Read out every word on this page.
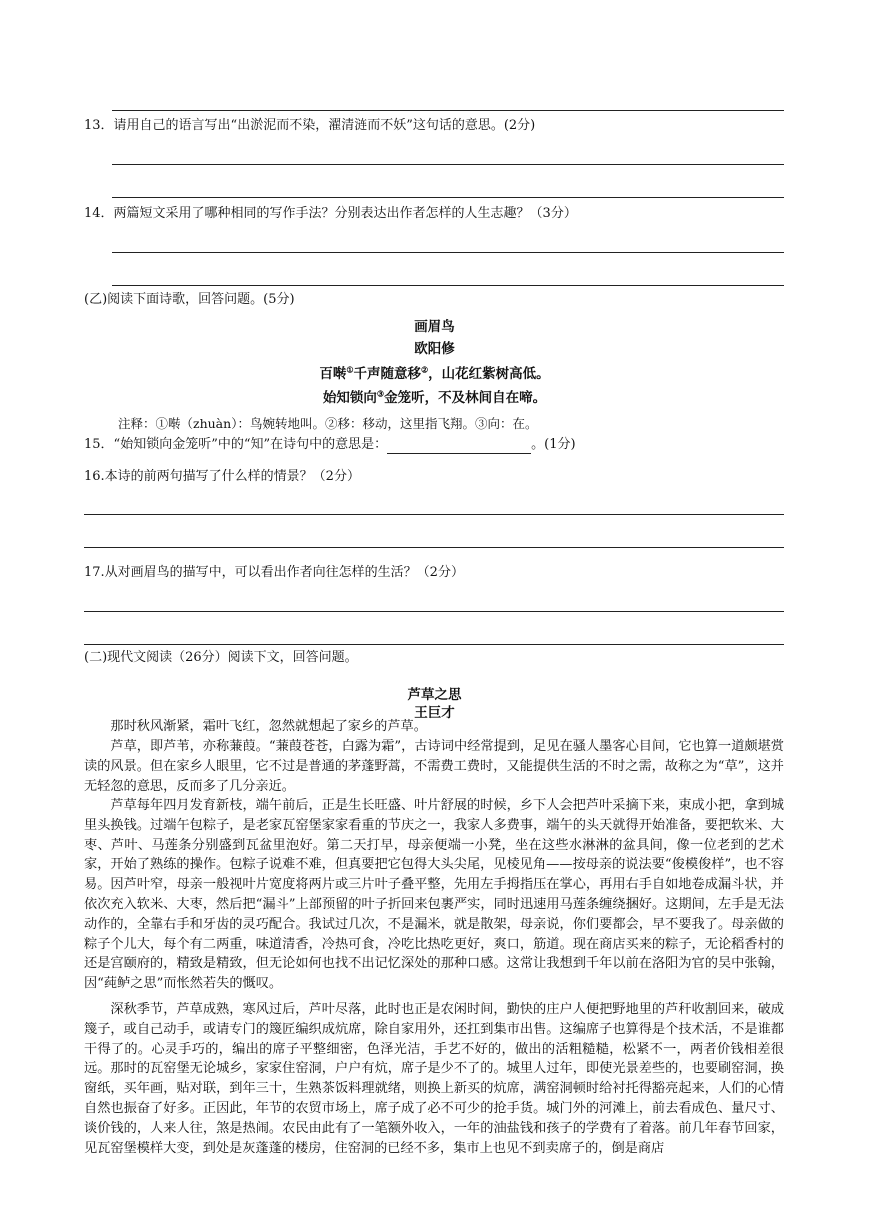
13．请用自己的语言写出“出淤泥而不染，濯清涟而不妖”这句话的意思。(2分)
14．两篇短文采用了哪种相同的写作手法？分别表达出作者怎样的人生志趣？（3分）
(乙)阅读下面诗歌，回答问题。(5分)
画眉鸟
欧阳修
百啭①千声随意移②，山花红紫树高低。
始知锁向③金笼听，不及林间自在啼。
注释：①啭（zhuàn）：鸟婉转地叫。②移：移动，这里指飞翔。③向：在。
15．“始知锁向金笼听”中的“知”在诗句中的意思是：	。(1分)
16.本诗的前两句描写了什么样的情景？（2分）
17.从对画眉鸟的描写中，可以看出作者向往怎样的生活？（2分）
(二)现代文阅读（26分）阅读下文，回答问题。
芦草之思
王巨才
那时秋风渐紧，霜叶飞红，忽然就想起了家乡的芦草。
芦草，即芦苇，亦称蒹葭。“蒹葭苍苍，白露为霜”，古诗词中经常提到，足见在骚人墨客心目间，它也算一道颇堪赏读的风景。但在家乡人眼里，它不过是普通的茅蓬野蒿，不需费工费时，又能提供生活的不时之需，故称之为“草”，这并无轻忽的意思，反而多了几分亲近。
芦草每年四月发育新枝，端午前后，正是生长旺盛、叶片舒展的时候，乡下人会把芦叶采摘下来，束成小把，拿到城里头换钱。过端午包粽子，是老家瓦窑堡家家看重的节庆之一，我家人多费事，端午的头天就得开始准备，要把软米、大枣、芦叶、马莲条分别盛到瓦盆里泡好。第二天打早，母亲便端一小凳，坐在这些水淋淋的盆具间，像一位老到的艺术家，开始了熟练的操作。包粽子说难不难，但真要把它包得大头尖尾，见棱见角——按母亲的说法要“俊模俊样”，也不容易。因芦叶窄，母亲一般视叶片宽度将两片或三片叶子叠平整，先用左手拇指压在掌心，再用右手自如地卷成漏斗状，并依次充入软米、大枣，然后把“漏斗”上部预留的叶子折回来包裹严实，同时迅速用马莲条缠绕捆好。这期间，左手是无法动作的，全靠右手和牙齿的灵巧配合。我试过几次，不是漏米，就是散架，母亲说，你们要都会，早不要我了。母亲做的粽子个儿大，每个有二两重，味道清香，冷热可食，冷吃比热吃更好，爽口，筋道。现在商店买来的粽子，无论稻香村的还是宫颐府的，精致是精致，但无论如何也找不出记忆深处的那种口感。这常让我想到千年以前在洛阳为官的吴中张翰，因“莼鲈之思”而怅然若失的慨叹。
深秋季节，芦草成熟，寒风过后，芦叶尽落，此时也正是农闲时间，勤快的庄户人便把野地里的芦秆收割回来，破成篾子，或自己动手，或请专门的篾匠编织成炕席，除自家用外，还扛到集市出售。这编席子也算得是个技术活，不是谁都干得了的。心灵手巧的，编出的席子平整细密，色泽光洁，手艺不好的，做出的活粗糙糙，松紧不一，两者价钱相差很远。那时的瓦窑堡无论城乡，家家住窑洞，户户有炕，席子是少不了的。城里人过年，即使光景差些的，也要刷窑洞，换窗纸，买年画，贴对联，到年三十，生熟茶饭料理就绪，则换上新买的炕席，满窑洞顿时给衬托得豁亮起来，人们的心情自然也振奋了好多。正因此，年节的农贸市场上，席子成了必不可少的抢手货。城门外的河滩上，前去看成色、量尺寸、谈价钱的，人来人往，煞是热闹。农民由此有了一笔额外收入，一年的油盐钱和孩子的学费有了着落。前几年春节回家，见瓦窑堡模样大变，到处是灰蓬蓬的楼房，住窑洞的已经不多，集市上也见不到卖席子的，倒是商店
